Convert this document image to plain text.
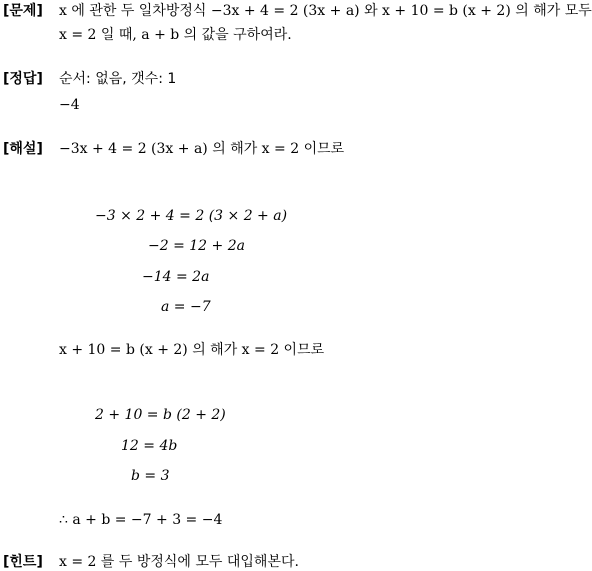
[문제] x 에 관한 두 일차방정식 −3x + 4 = 2 (3x + a) 와 x + 10 = b (x + 2) 의 해가 모두
x = 2 일 때, a + b 의 값을 구하여라.
[정답] 순서: 없음, 갯수: 1
−4
[해설] −3x + 4 = 2 (3x + a) 의 해가 x = 2 이므로
−3 × 2 + 4 = 2 (3 × 2 + a)
−2 = 12 + 2a
−14 = 2a
a = −7
x + 10 = b (x + 2) 의 해가 x = 2 이므로
2 + 10 = b (2 + 2)
12 = 4b
b = 3
∴ a + b = −7 + 3 = −4
[힌트] x = 2 를 두 방정식에 모두 대입해본다.
